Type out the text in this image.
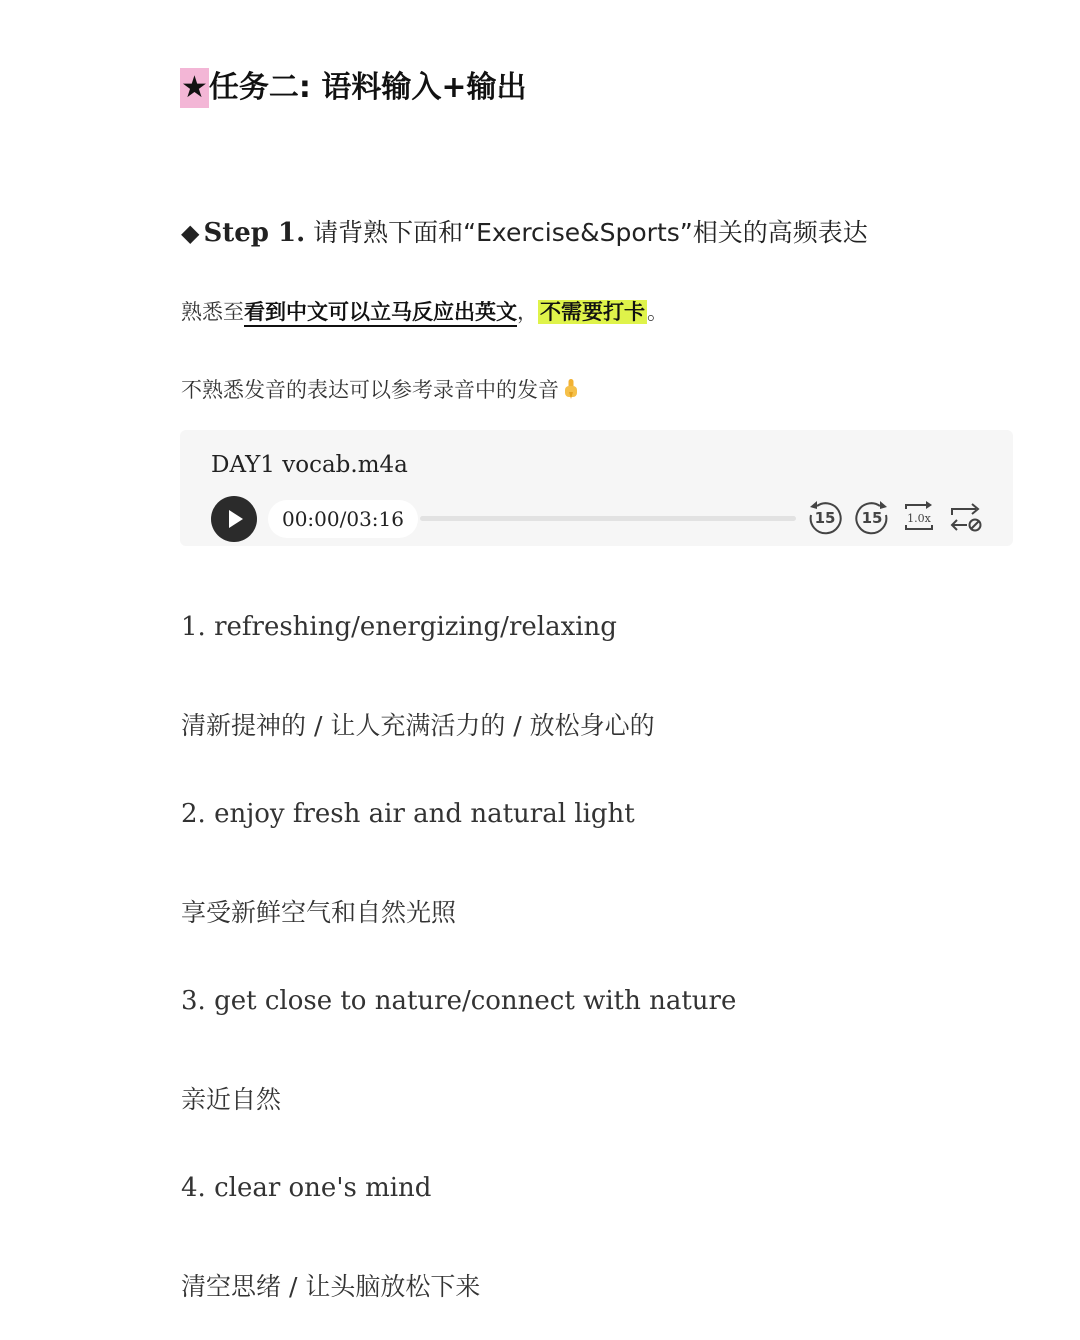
★任务二: 语料输入+输出
◆ Step 1. 请背熟下面和“Exercise&Sports”相关的高频表达
熟悉至看到中文可以立马反应出英文，不需要打卡。
不熟悉发音的表达可以参考录音中的发音
DAY1 vocab.m4a
00:00/03:16	15 15 1.0x
1. refreshing/energizing/relaxing
清新提神的 / 让人充满活力的 / 放松身心的
2. enjoy fresh air and natural light
享受新鲜空气和自然光照
3. get close to nature/connect with nature
亲近自然
4. clear one's mind
清空思绪 / 让头脑放松下来
